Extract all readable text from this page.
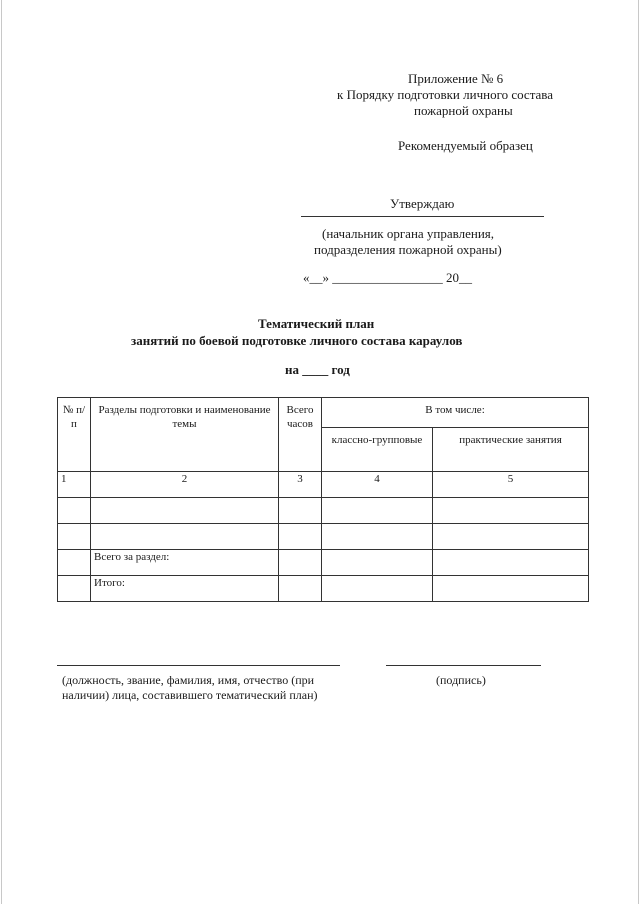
Приложение № 6
к Порядку подготовки личного состава
пожарной охраны
Рекомендуемый образец
Утверждаю
(начальник органа управления,
подразделения пожарной охраны)
«__» _________________ 20__
Тематический план
занятий по боевой подготовке личного состава караулов
на ____ год
№ п/п	Разделы подготовки и наименование темы	Всего часов	В том числе:	
			классно-групповые	практические занятия
1	2	3	4	5

	Всего за раздел:			
	Итого:			
(должность, звание, фамилия, имя, отчество (при
наличии) лица, составившего тематический план)
(подпись)
